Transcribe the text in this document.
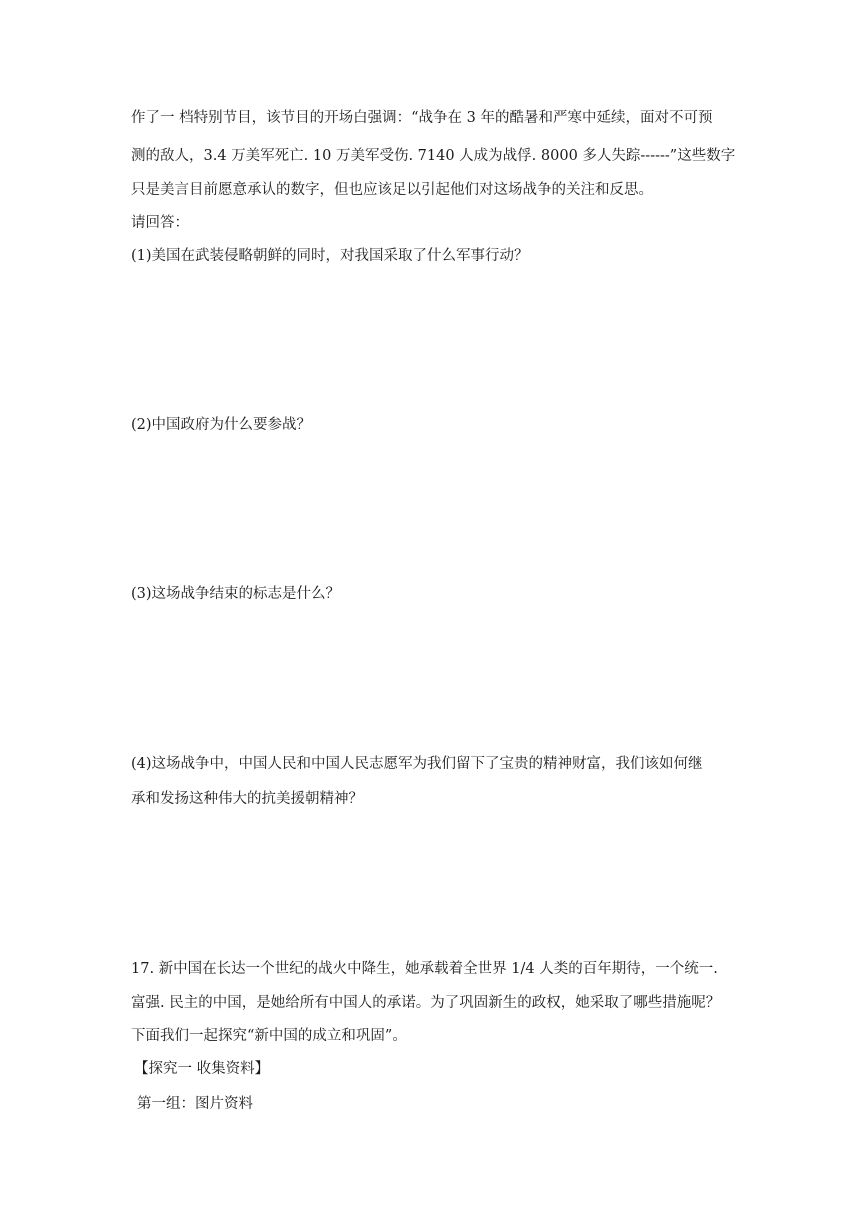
作了一 档特别节目，该节目的开场白强调：“战争在 3 年的酷暑和严寒中延续，面对不可预
测的敌人，3.4 万美军死亡. 10 万美军受伤. 7140 人成为战俘. 8000 多人失踪------”这些数字
只是美言目前愿意承认的数字，但也应该足以引起他们对这场战争的关注和反思。
请回答：
(1)美国在武装侵略朝鲜的同时，对我国采取了什么军事行动？
(2)中国政府为什么要参战？
(3)这场战争结束的标志是什么？
(4)这场战争中，中国人民和中国人民志愿军为我们留下了宝贵的精神财富，我们该如何继
承和发扬这种伟大的抗美援朝精神？
17. 新中国在长达一个世纪的战火中降生，她承载着全世界 1/4 人类的百年期待，一个统一.
富强. 民主的中国，是她给所有中国人的承诺。为了巩固新生的政权，她采取了哪些措施呢？
下面我们一起探究“新中国的成立和巩固”。
【探究一 收集资料】
第一组：图片资料
